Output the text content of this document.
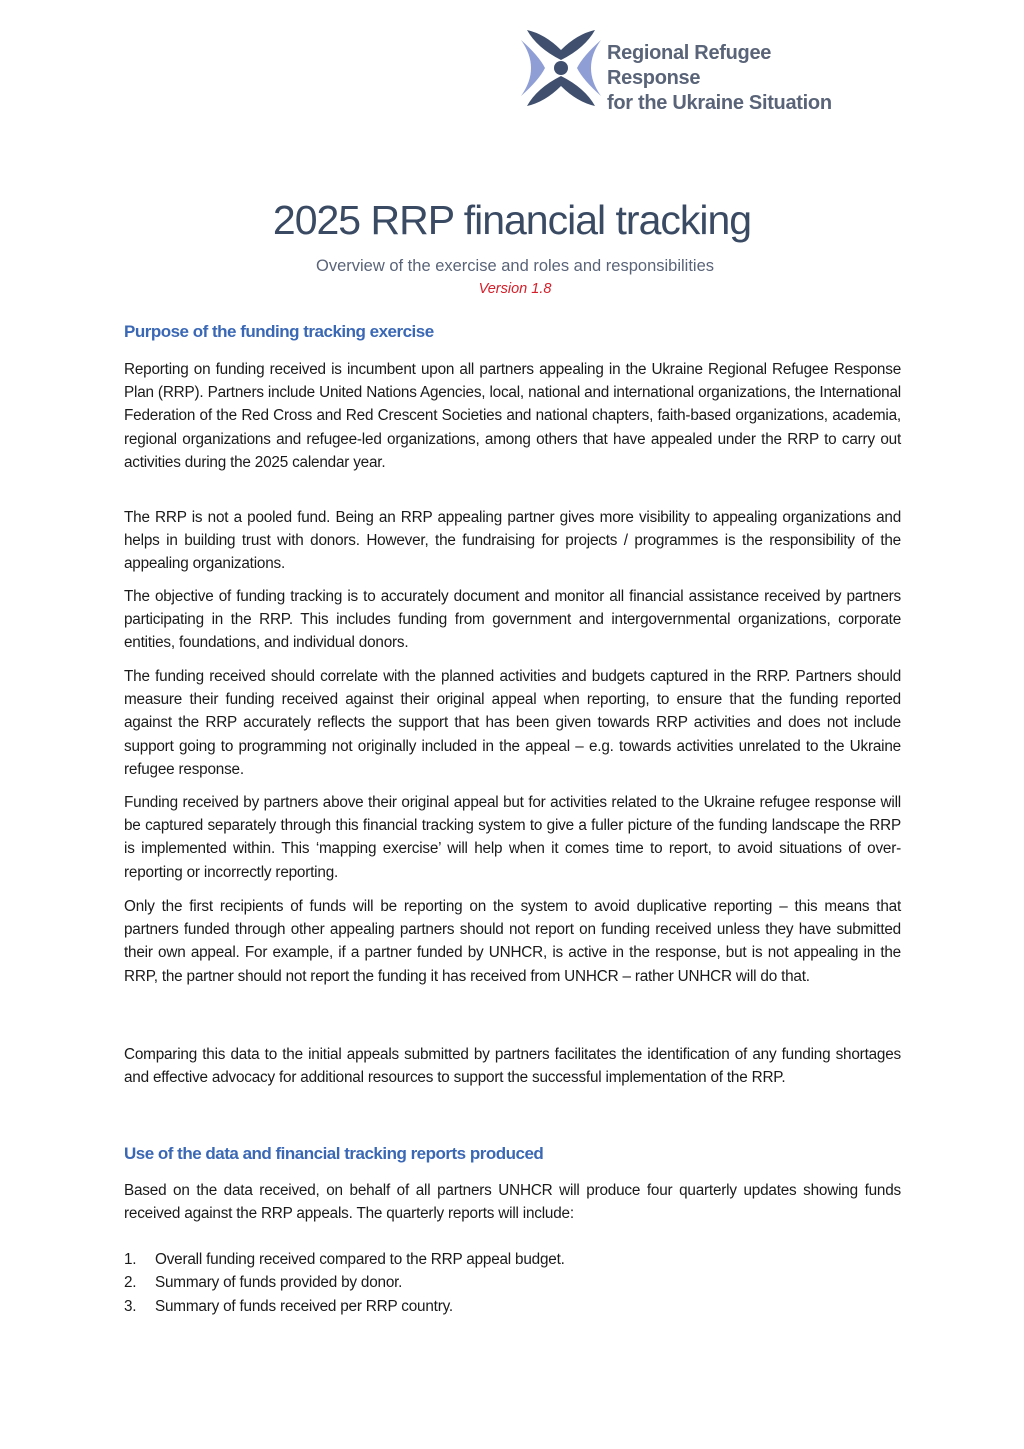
Regional Refugee Response
for the Ukraine Situation
2025 RRP financial tracking
Overview of the exercise and roles and responsibilities
Version 1.8
Purpose of the funding tracking exercise
Reporting on funding received is incumbent upon all partners appealing in the Ukraine Regional Refugee Response Plan (RRP). Partners include United Nations Agencies, local, national and international organizations, the International Federation of the Red Cross and Red Crescent Societies and national chapters, faith-based organizations, academia, regional organizations and refugee-led organizations, among others that have appealed under the RRP to carry out activities during the 2025 calendar year.
The RRP is not a pooled fund. Being an RRP appealing partner gives more visibility to appealing organizations and helps in building trust with donors. However, the fundraising for projects / programmes is the responsibility of the appealing organizations.
The objective of funding tracking is to accurately document and monitor all financial assistance received by partners participating in the RRP. This includes funding from government and intergovernmental organizations, corporate entities, foundations, and individual donors.
The funding received should correlate with the planned activities and budgets captured in the RRP. Partners should measure their funding received against their original appeal when reporting, to ensure that the funding reported against the RRP accurately reflects the support that has been given towards RRP activities and does not include support going to programming not originally included in the appeal – e.g. towards activities unrelated to the Ukraine refugee response.
Funding received by partners above their original appeal but for activities related to the Ukraine refugee response will be captured separately through this financial tracking system to give a fuller picture of the funding landscape the RRP is implemented within. This ‘mapping exercise’ will help when it comes time to report, to avoid situations of over-reporting or incorrectly reporting.
Only the first recipients of funds will be reporting on the system to avoid duplicative reporting – this means that partners funded through other appealing partners should not report on funding received unless they have submitted their own appeal. For example, if a partner funded by UNHCR, is active in the response, but is not appealing in the RRP, the partner should not report the funding it has received from UNHCR – rather UNHCR will do that.
Comparing this data to the initial appeals submitted by partners facilitates the identification of any funding shortages and effective advocacy for additional resources to support the successful implementation of the RRP.
Use of the data and financial tracking reports produced
Based on the data received, on behalf of all partners UNHCR will produce four quarterly updates showing funds received against the RRP appeals. The quarterly reports will include:
1.	Overall funding received compared to the RRP appeal budget.
2.	Summary of funds provided by donor.
3.	Summary of funds received per RRP country.
